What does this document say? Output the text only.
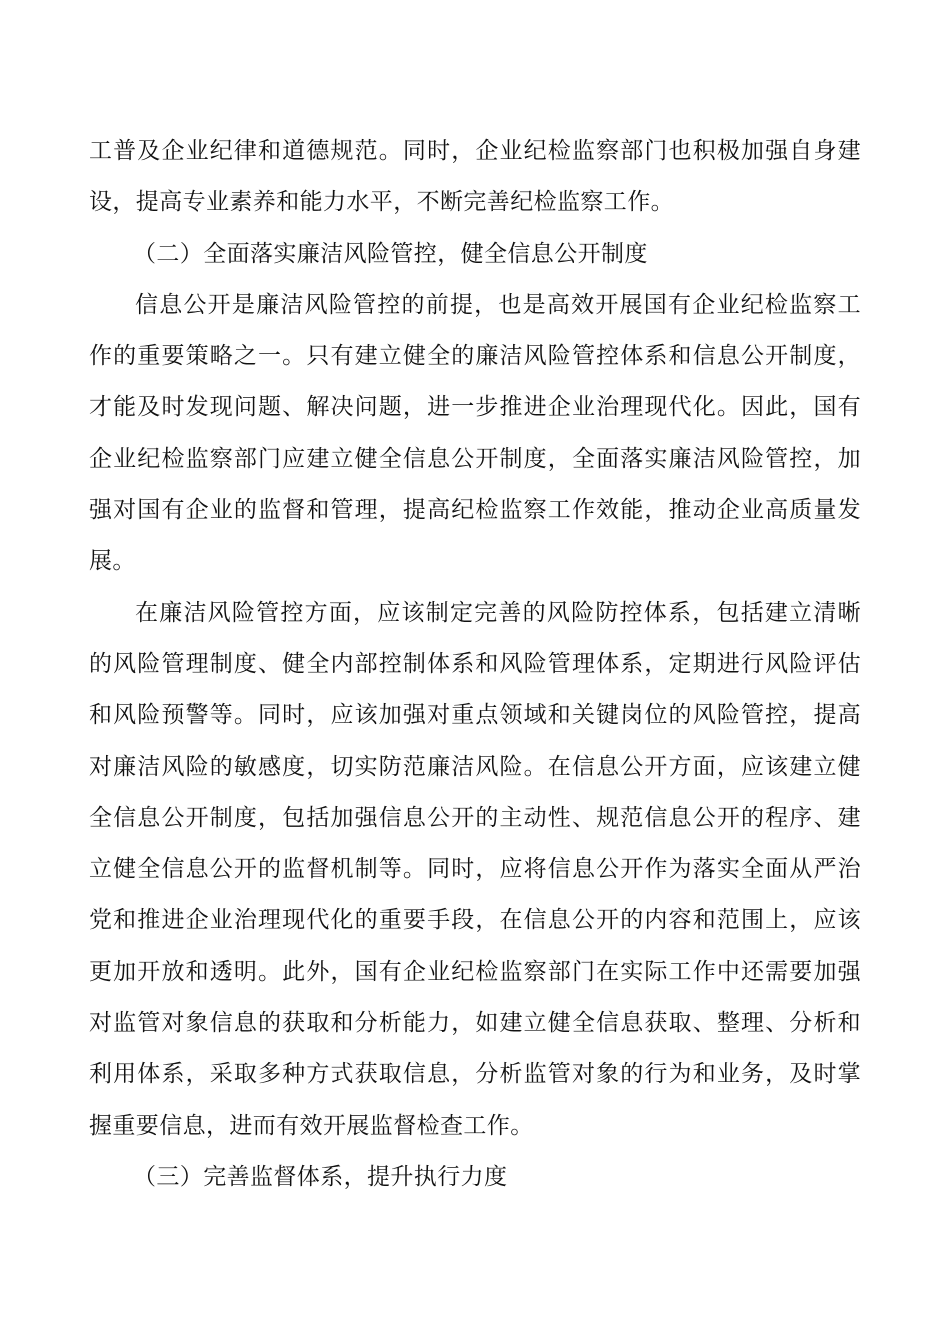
工普及企业纪律和道德规范。同时，企业纪检监察部门也积极加强自身建
设，提高专业素养和能力水平，不断完善纪检监察工作。
（二）全面落实廉洁风险管控，健全信息公开制度
信息公开是廉洁风险管控的前提，也是高效开展国有企业纪检监察工
作的重要策略之一。只有建立健全的廉洁风险管控体系和信息公开制度，
才能及时发现问题、解决问题，进一步推进企业治理现代化。因此，国有
企业纪检监察部门应建立健全信息公开制度，全面落实廉洁风险管控，加
强对国有企业的监督和管理，提高纪检监察工作效能，推动企业高质量发
展。
在廉洁风险管控方面，应该制定完善的风险防控体系，包括建立清晰
的风险管理制度、健全内部控制体系和风险管理体系，定期进行风险评估
和风险预警等。同时，应该加强对重点领域和关键岗位的风险管控，提高
对廉洁风险的敏感度，切实防范廉洁风险。在信息公开方面，应该建立健
全信息公开制度，包括加强信息公开的主动性、规范信息公开的程序、建
立健全信息公开的监督机制等。同时，应将信息公开作为落实全面从严治
党和推进企业治理现代化的重要手段，在信息公开的内容和范围上，应该
更加开放和透明。此外，国有企业纪检监察部门在实际工作中还需要加强
对监管对象信息的获取和分析能力，如建立健全信息获取、整理、分析和
利用体系，采取多种方式获取信息，分析监管对象的行为和业务，及时掌
握重要信息，进而有效开展监督检查工作。
（三）完善监督体系，提升执行力度
